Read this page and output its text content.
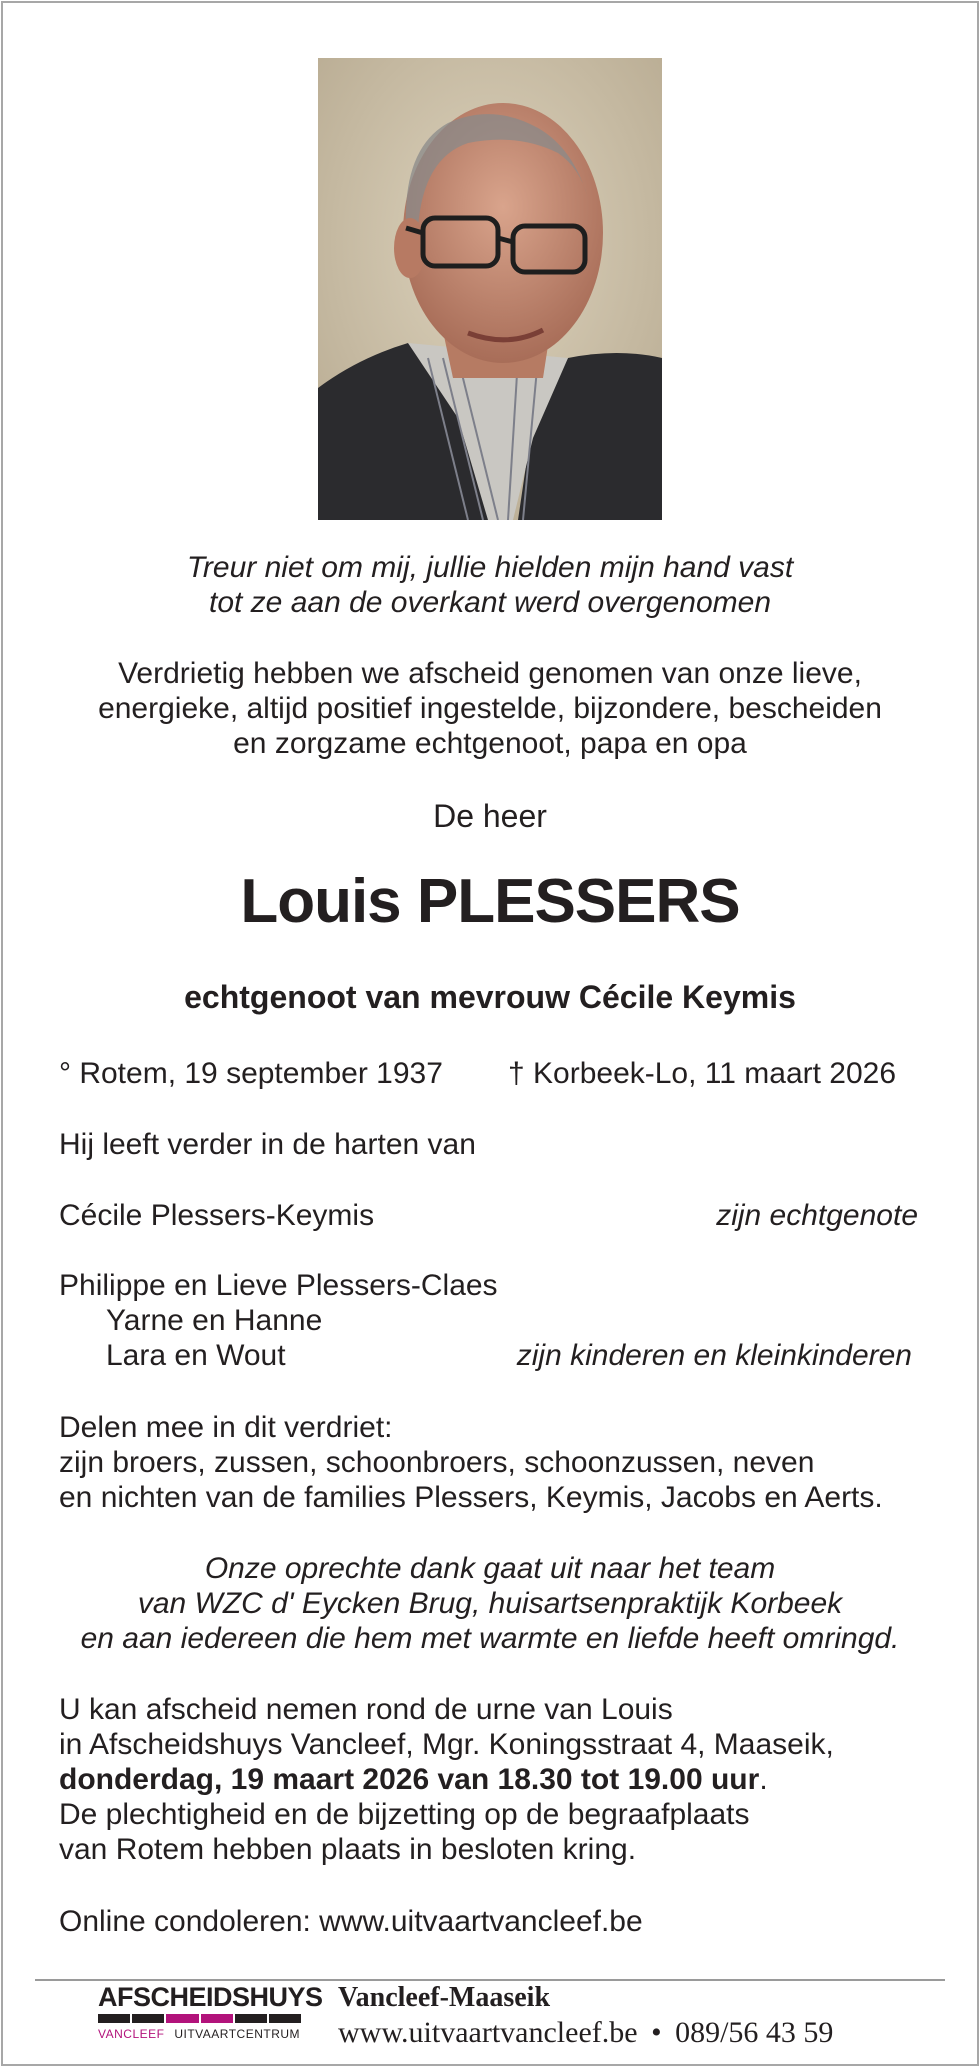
Treur niet om mij, jullie hielden mijn hand vast
tot ze aan de overkant werd overgenomen
Verdrietig hebben we afscheid genomen van onze lieve,
energieke, altijd positief ingestelde, bijzondere, bescheiden
en zorgzame echtgenoot, papa en opa
De heer
Louis PLESSERS
echtgenoot van mevrouw Cécile Keymis
° Rotem, 19 september 1937 † Korbeek-Lo, 11 maart 2026
Hij leeft verder in de harten van
Cécile Plessers-Keymis	zijn echtgenote
Philippe en Lieve Plessers-Claes
Yarne en Hanne
Lara en Wout	zijn kinderen en kleinkinderen
Delen mee in dit verdriet:
zijn broers, zussen, schoonbroers, schoonzussen, neven
en nichten van de families Plessers, Keymis, Jacobs en Aerts.
Onze oprechte dank gaat uit naar het team
van WZC d' Eycken Brug, huisartsenpraktijk Korbeek
en aan iedereen die hem met warmte en liefde heeft omringd.
U kan afscheid nemen rond de urne van Louis
in Afscheidshuys Vancleef, Mgr. Koningsstraat 4, Maaseik,
donderdag, 19 maart 2026 van 18.30 tot 19.00 uur.
De plechtigheid en de bijzetting op de begraafplaats
van Rotem hebben plaats in besloten kring.
Online condoleren: www.uitvaartvancleef.be
AFSCHEIDSHUYS
VANCLEEF UITVAARTCENTRUM
Vancleef-Maaseik
www.uitvaartvancleef.be • 089/56 43 59
